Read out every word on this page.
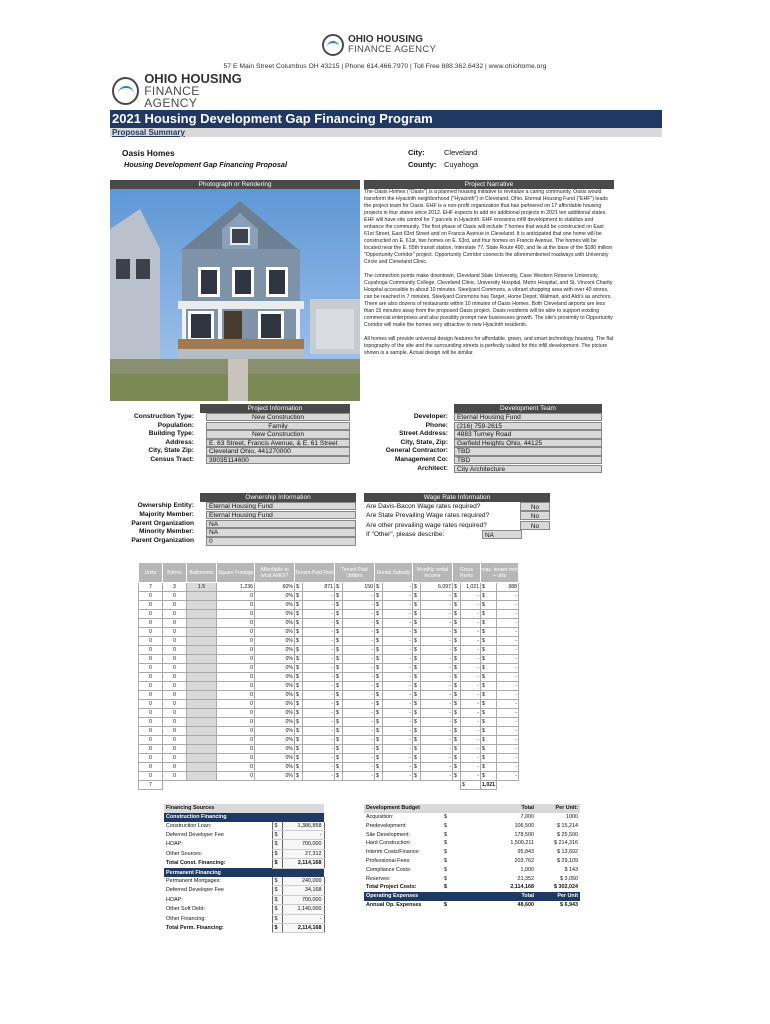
OHIO HOUSING
FINANCE AGENCY
57 E Main Street Columbus OH 43215 | Phone 614.466.7970 | Toll Free 888.362.6432 | www.ohiohome.org
OHIO HOUSING
FINANCE AGENCY
2021 Housing Development Gap Financing Program
Proposal Summary
Oasis Homes
Housing Development Gap Financing Proposal
City:	Cleveland
County: Cuyahoga
Photograph or Rendering	Project Narrative

The Oasis Homes ("Oasis") is a planned housing initiative to revitalize a caring community, Oasis would transform the Hyacinth neighborhood ("Hyacinth") in Cleveland, Ohio. Eternal Housing Fund ("EHF") leads the project team for Oasis. EHF is a non-profit organization that has partnered on 17 affordable housing projects in four states since 2012. EHF expects to add six additional projects in 2021 ten additional states. EHF will have site control for 7 parcels in Hyacinth. EHF envisions infill development to stabilize and enhance the community. The first phase of Oasis will include 7 homes that would be constructed on East 61st Street, East 63rd Street and on Francis Avenue in Cleveland. It is anticipated that one home will be constructed on E. 61st, two homes on E. 63rd, and four homes on Francis Avenue. The homes will be located near the E. 55th transit station, Interstate 77, State Route 490, and lie at the base of the $180 million "Opportunity Corridor" project. Opportunity Corridor connects the aforementioned roadways with University Circle and Cleveland Clinic.

The connection points make downtown, Cleveland State University, Case Western Reserve University, Cuyahoga Community College, Cleveland Clinic, University Hospital, Metro Hospital, and St. Vincent Charity Hospital accessible in about 10 minutes. Steelyard Commons, a vibrant shopping area with over 40 stores, can be reached in 7 minutes. Steelyard Commons has Target, Home Depot, Walmart, and Aldi's as anchors. There are also dozens of restaurants within 10 minutes of Oasis Homes. Both Cleveland airports are less than 15 minutes away from the proposed Oasis project. Oasis residents will be able to support existing commercial enterprises and also possibly prompt new businesses growth. The site's proximity to Opportunity Corridor will make the homes very attractive to new Hyacinth residents.

All homes will provide universal design features for affordable, green, and smart technology housing. The flat topography of the site and the surrounding streets is perfectly suited for this infill development. The picture shown is a sample. Actual design will be similar.

Project Information
Construction Type:	New Construction
Population:	Family
Building Type:	New Construction
Address:	E. 63 Street, Francis Avenue, & E. 61 Street
City, State Zip:	Cleveland Ohio, 441270000
Census Tract:	39035114600
Development Team
Developer:	Eternal Housing Fund
Phone:	(216) 759-2615
Street Address:	4883 Turney Road
City, State, Zip:	Garfield Heights Ohio, 44125
General Contractor:	TBD
Management Co:	TBD
Architect:	City Architecture
Ownership Information
Ownership Entity:	Eternal Housing Fund
Majority Member:	Eternal Housing Fund
Parent Organization	NA
Minority Member:	NA
Parent Organization	0
Wage Rate Information
Are Davis-Bacon Wage rates required?	No
Are State Prevailing Wage rates required?	No
Are other prevailing wage rates required?	No
If "Other", please describe:	NA
Units	Bdrms	Bathrooms	Square Footage	Affordable to what AMGI?	Tenant-Paid Rent		Tenant Paid Utilities		Rental Subsidy		Monthly rental income		Gross Rents		max. tenant rent + utils	
7	3	1.5	1,236	60%	$	871	$	150	$	-	$	6,097	$	1,021	$	988
0	0		0	0%	$	-	$	-	$	-	$	-	$	-	$	-
0	0		0	0%	$	-	$	-	$	-	$	-	$	-	$	-
0	0		0	0%	$	-	$	-	$	-	$	-	$	-	$	-
0	0		0	0%	$	-	$	-	$	-	$	-	$	-	$	-
0	0		0	0%	$	-	$	-	$	-	$	-	$	-	$	-
0	0		0	0%	$	-	$	-	$	-	$	-	$	-	$	-
0	0		0	0%	$	-	$	-	$	-	$	-	$	-	$	-
0	0		0	0%	$	-	$	-	$	-	$	-	$	-	$	-
0	0		0	0%	$	-	$	-	$	-	$	-	$	-	$	-
0	0		0	0%	$	-	$	-	$	-	$	-	$	-	$	-
0	0		0	0%	$	-	$	-	$	-	$	-	$	-	$	-
0	0		0	0%	$	-	$	-	$	-	$	-	$	-	$	-
0	0		0	0%	$	-	$	-	$	-	$	-	$	-	$	-
0	0		0	0%	$	-	$	-	$	-	$	-	$	-	$	-
0	0		0	0%	$	-	$	-	$	-	$	-	$	-	$	-
0	0		0	0%	$	-	$	-	$	-	$	-	$	-	$	-
0	0		0	0%	$	-	$	-	$	-	$	-	$	-	$	-
0	0		0	0%	$	-	$	-	$	-	$	-	$	-	$	-
0	0		0	0%	$	-	$	-	$	-	$	-	$	-	$	-
0	0		0	0%	$	-	$	-	$	-	$	-	$	-	$	-
0	0		0	0%	$	-	$	-	$	-	$	-	$	-	$	-
7														$	1,021	
Financing Sources		
Construction Financing		
Construction Loan:	$	1,386,858
Deferred Developer Fee	$	-
HOAP:	$	700,000
Other Sources:	$	27,312
Total Const. Financing:	$	2,114,168
Permanent Financing		
Permanent Mortgages:	$	240,000
Deferred Developer Fee	$	34,168
HOAP:	$	700,000
Other Soft Debt:	$	1,140,000
Other Financing:	$	-
Total Perm. Financing:	$	2,114,168
Development Budget		Total	Per Unit:
Acquisition:	$	7,000	1000
Predevelopment:	$	106,500	$ 15,214
Site Development:	$	178,500	$ 25,500
Hard Construction:	$	1,500,211	$ 214,316
Interim Costs/Finance:	$	95,843	$ 13,692
Professional Fees:	$	203,762	$ 29,109
Compliance Costs:	$	1,000	$ 143
Reserves:	$	21,352	$ 3,050
Total Project Costs:	$	2,114,168	$ 302,024
Operating Expenses		Total	Per Unit
Annual Op. Expenses	$	48,600	$ 6,943
